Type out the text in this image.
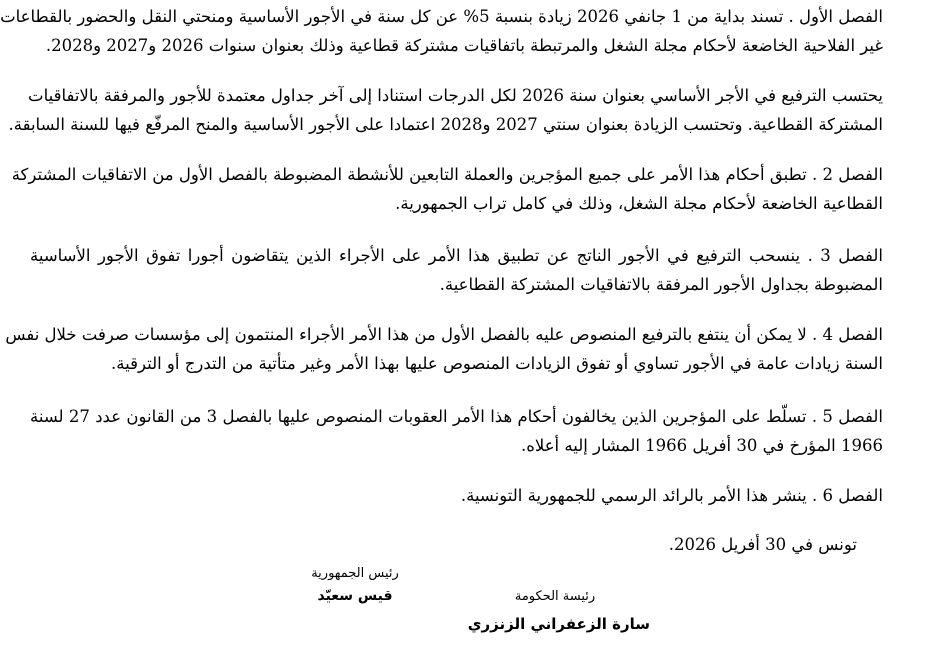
الفصل الأول . تسند بداية من 1 جانفي 2026 زيادة بنسبة 5% عن كل سنة في الأجور الأساسية ومنحتي النقل والحضور بالقطاعات
غير الفلاحية الخاضعة لأحكام مجلة الشغل والمرتبطة باتفاقيات مشتركة قطاعية وذلك بعنوان سنوات 2026 و2027 و2028.

يحتسب الترفيع في الأجر الأساسي بعنوان سنة 2026 لكل الدرجات استنادا إلى آخر جداول معتمدة للأجور والمرفقة بالاتفاقيات
المشتركة القطاعية. وتحتسب الزيادة بعنوان سنتي 2027 و2028 اعتمادا على الأجور الأساسية والمنح المرفّع فيها للسنة السابقة.

الفصل 2 . تطبق أحكام هذا الأمر على جميع المؤجرين والعملة التابعين للأنشطة المضبوطة بالفصل الأول من الاتفاقيات المشتركة
القطاعية الخاضعة لأحكام مجلة الشغل، وذلك في كامل تراب الجمهورية.

الفصل 3 . ينسحب الترفيع في الأجور الناتج عن تطبيق هذا الأمر على الأجراء الذين يتقاضون أجورا تفوق الأجور الأساسية
المضبوطة بجداول الأجور المرفقة بالاتفاقيات المشتركة القطاعية.

الفصل 4 . لا يمكن أن ينتفع بالترفيع المنصوص عليه بالفصل الأول من هذا الأمر الأجراء المنتمون إلى مؤسسات صرفت خلال نفس
السنة زيادات عامة في الأجور تساوي أو تفوق الزيادات المنصوص عليها بهذا الأمر وغير متأتية من التدرج أو الترقية.

الفصل 5 . تسلّط على المؤجرين الذين يخالفون أحكام هذا الأمر العقوبات المنصوص عليها بالفصل 3 من القانون عدد 27 لسنة
1966 المؤرخ في 30 أفريل 1966 المشار إليه أعلاه.

الفصل 6 . ينشر هذا الأمر بالرائد الرسمي للجمهورية التونسية.

تونس في 30 أفريل 2026.

رئيس الجمهورية
قيس سعيّد	رئيسة الحكومة
سارة الزعفراني الزنزري
